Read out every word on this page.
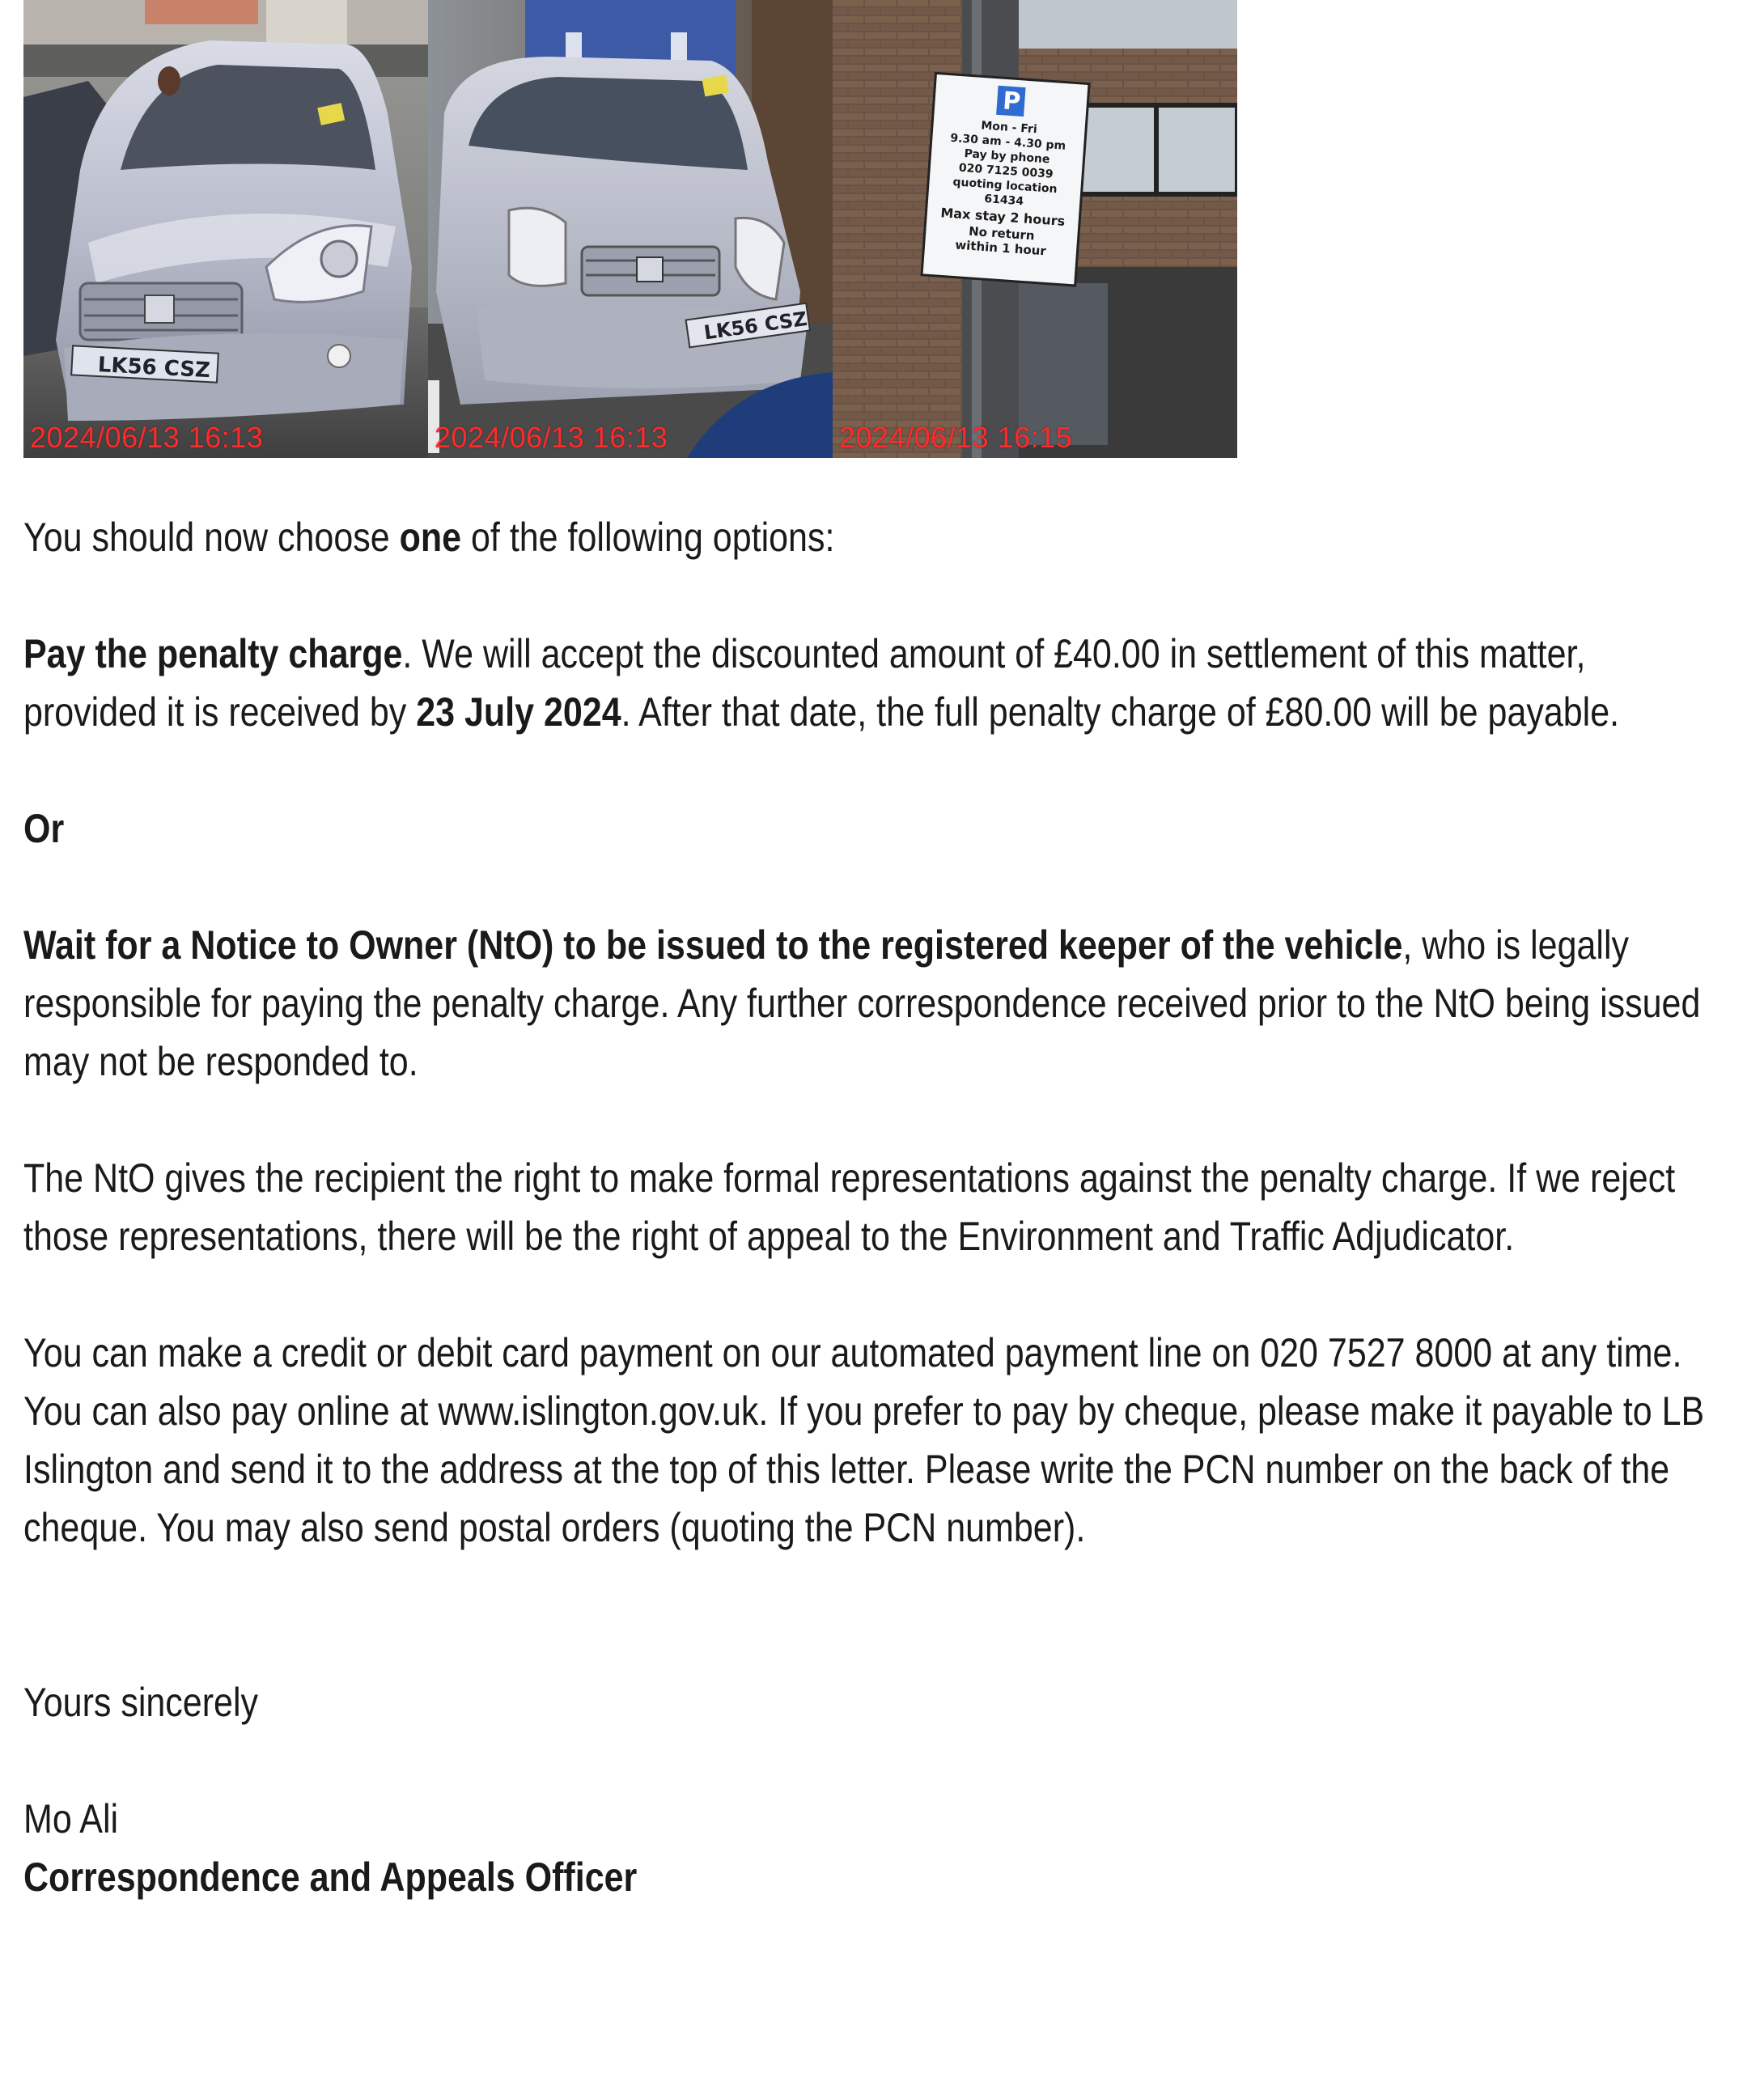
LK56 CSZ
2024/06/13 16:13
LK56 CSZ
2024/06/13 16:13
P
Mon - Fri
9.30 am - 4.30 pm
Pay by phone
020 7125 0039
quoting location
61434
Max stay 2 hours
No return
within 1 hour
2024/06/13 16:15

You should now choose one of the following options:

Pay the penalty charge. We will accept the discounted amount of £40.00 in settlement of this matter, provided it is received by 23 July 2024. After that date, the full penalty charge of £80.00 will be payable.

Or

Wait for a Notice to Owner (NtO) to be issued to the registered keeper of the vehicle, who is legally responsible for paying the penalty charge. Any further correspondence received prior to the NtO being issued may not be responded to.

The NtO gives the recipient the right to make formal representations against the penalty charge. If we reject those representations, there will be the right of appeal to the Environment and Traffic Adjudicator.

You can make a credit or debit card payment on our automated payment line on 020 7527 8000 at any time. You can also pay online at www.islington.gov.uk. If you prefer to pay by cheque, please make it payable to LB Islington and send it to the address at the top of this letter. Please write the PCN number on the back of the cheque. You may also send postal orders (quoting the PCN number).

Yours sincerely

Mo Ali

Correspondence and Appeals Officer
